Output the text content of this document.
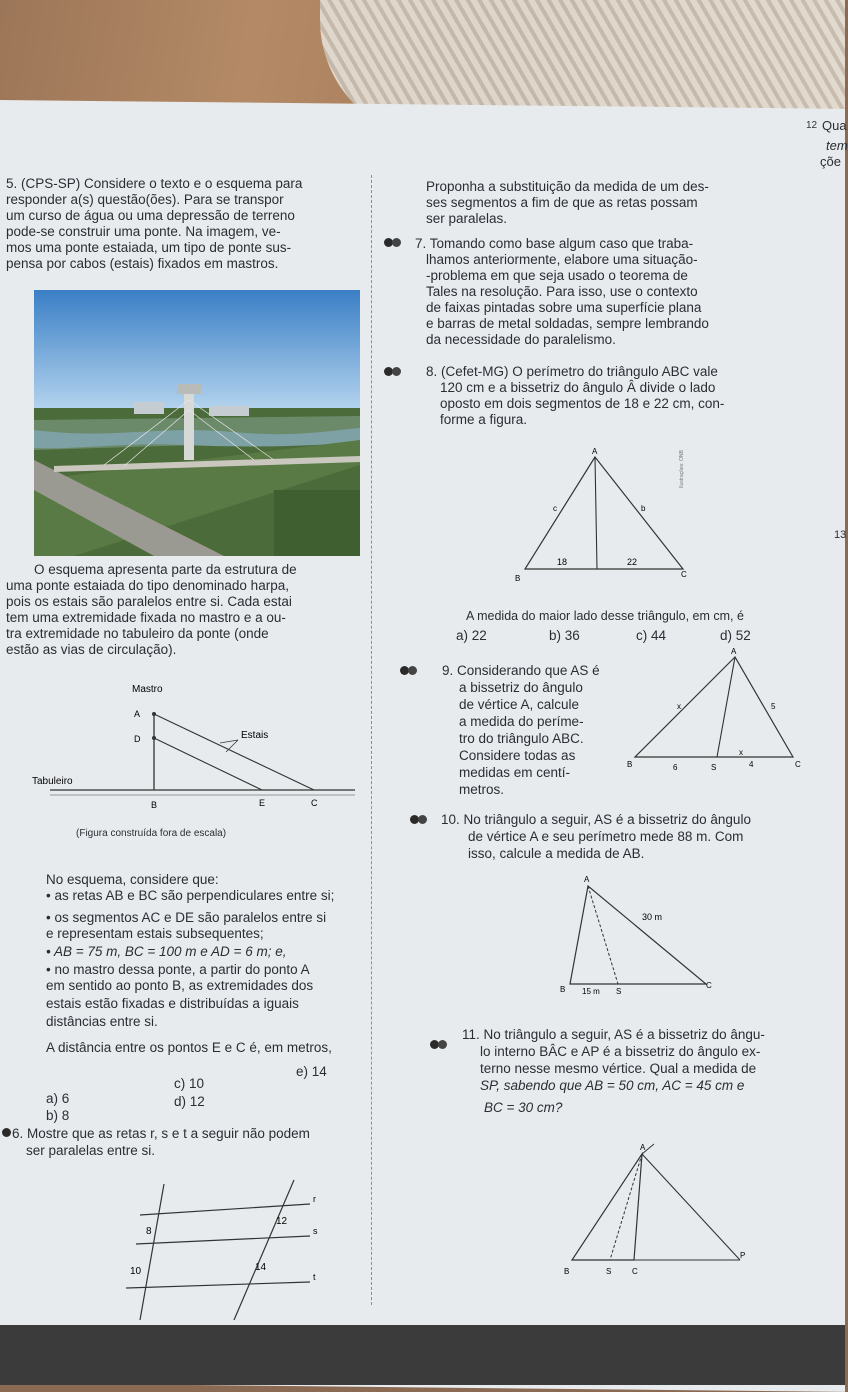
12 Qua
tem
çõe
13
5. (CPS-SP) Considere o texto e o esquema para
responder a(s) questão(ões). Para se transpor
um curso de água ou uma depressão de terreno
pode-se construir uma ponte. Na imagem, ve-
mos uma ponte estaiada, um tipo de ponte sus-
pensa por cabos (estais) fixados em mastros.
O esquema apresenta parte da estrutura de
uma ponte estaiada do tipo denominado harpa,
pois os estais são paralelos entre si. Cada estai
tem uma extremidade fixada no mastro e a ou-
tra extremidade no tabuleiro da ponte (onde
estão as vias de circulação).
Mastro
A
D	Estais
Tabuleiro
B	E	C
(Figura construída fora de escala)
No esquema, considere que:
• as retas AB e BC são perpendiculares entre si;
• os segmentos AC e DE são paralelos entre si
e representam estais subsequentes;
• AB = 75 m, BC = 100 m e AD = 6 m; e,
• no mastro dessa ponte, a partir do ponto A
em sentido ao ponto B, as extremidades dos
estais estão fixadas e distribuídas a iguais
distâncias entre si.
A distância entre os pontos E e C é, em metros,
a) 6
b) 8
c) 10
d) 12
e) 14
6. Mostre que as retas r, s e t a seguir não podem
ser paralelas entre si.
r
s
t
8
12
10	14
Proponha a substituição da medida de um des-
ses segmentos a fim de que as retas possam
ser paralelas.
7. Tomando como base algum caso que traba-
lhamos anteriormente, elabore uma situação-
-problema em que seja usado o teorema de
Tales na resolução. Para isso, use o contexto
de faixas pintadas sobre uma superfície plana
e barras de metal soldadas, sempre lembrando
da necessidade do paralelismo.
8. (Cefet-MG) O perímetro do triângulo ABC vale
120 cm e a bissetriz do ângulo Â divide o lado
oposto em dois segmentos de 18 e 22 cm, con-
forme a figura.
A
B	C
c	b
18	22
Ilustrações: ONB
A medida do maior lado desse triângulo, em cm, é
a) 22	b) 36	c) 44	d) 52
9. Considerando que AS é
a bissetriz do ângulo
de vértice A, calcule
a medida do períme-
tro do triângulo ABC.
Considere todas as
medidas em centí-
metros.
A
B	S	C
x
x
5
6	4
10. No triângulo a seguir, AS é a bissetriz do ângulo
de vértice A e seu perímetro mede 88 m. Com
isso, calcule a medida de AB.
A
B	S
C
30 m
15 m
11. No triângulo a seguir, AS é a bissetriz do ângu-
lo interno BÂC e AP é a bissetriz do ângulo ex-
terno nesse mesmo vértice. Qual a medida de
SP, sabendo que AB = 50 cm, AC = 45 cm e
BC = 30 cm?
A
B	S	C
P
